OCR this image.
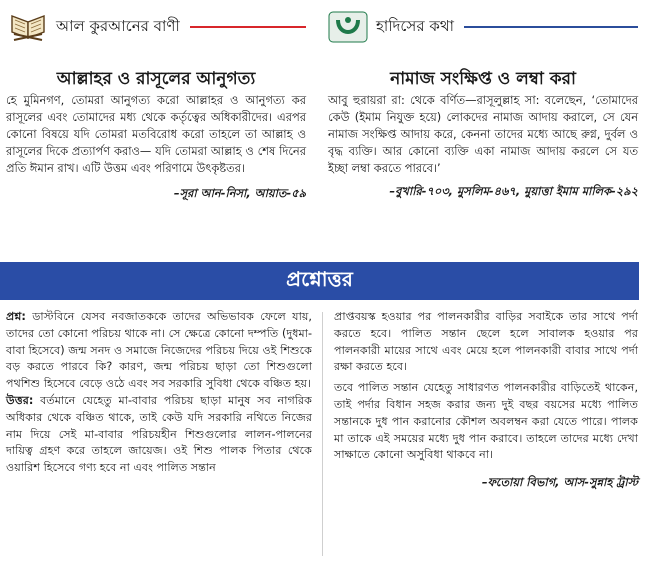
আল কুরআনের বাণী
আল্লাহর ও রাসূলের আনুগত্য

হে মুমিনগণ, তোমরা আনুগত্য করো আল্লাহর ও আনুগত্য কর রাসূলের এবং তোমাদের মধ্য থেকে কর্তৃত্বের অধিকারীদের। এরপর কোনো বিষয়ে যদি তোমরা মতবিরোধ করো তাহলে তা আল্লাহ ও রাসূলের দিকে প্রত্যার্পণ করাও— যদি তোমরা আল্লাহ ও শেষ দিনের প্রতি ঈমান রাখ। এটি উত্তম এবং পরিণামে উৎকৃষ্টতর।

–সূরা আন-নিসা, আয়াত-৫৯
হাদিসের কথা
নামাজ সংক্ষিপ্ত ও লম্বা করা

আবু হুরায়রা রা: থেকে বর্ণিত—রাসূলুল্লাহ সা: বলেছেন, ‘তোমাদের কেউ (ইমাম নিযুক্ত হয়ে) লোকদের নামাজ আদায় করালে, সে যেন নামাজ সংক্ষিপ্ত আদায় করে, কেননা তাদের মধ্যে আছে রুগ্ন, দুর্বল ও বৃদ্ধ ব্যক্তি। আর কোনো ব্যক্তি একা নামাজ আদায় করলে সে যত ইচ্ছা লম্বা করতে পারবে।’

–বুখারি-৭০৩, মুসলিম-৪৬৭, মুয়াত্তা ইমাম মালিক-২৯২
প্রশ্নোত্তর

প্রশ্ন: ডাস্টবিনে যেসব নবজাতককে তাদের অভিভাবক ফেলে যায়, তাদের তো কোনো পরিচয় থাকে না। সে ক্ষেত্রে কোনো দম্পতি (দুধমা-বাবা হিসেবে) জন্ম সনদ ও সমাজে নিজেদের পরিচয় দিয়ে ওই শিশুকে বড় করতে পারবে কি? কারণ, জন্ম পরিচয় ছাড়া তো শিশুগুলো পথশিশু হিসেবে বেড়ে ওঠে এবং সব সরকারি সুবিধা থেকে বঞ্চিত হয়।

উত্তর: বর্তমানে যেহেতু মা-বাবার পরিচয় ছাড়া মানুষ সব নাগরিক অধিকার থেকে বঞ্চিত থাকে, তাই কেউ যদি সরকারি নথিতে নিজের নাম দিয়ে সেই মা-বাবার পরিচয়হীন শিশুগুলোর লালন-পালনের দায়িত্ব গ্রহণ করে তাহলে জায়েজ। ওই শিশু পালক পিতার থেকে ওয়ারিশ হিসেবে গণ্য হবে না এবং পালিত সন্তান

প্রাপ্তবয়স্ক হওয়ার পর পালনকারীর বাড়ির সবাইকে তার সাথে পর্দা করতে হবে। পালিত সন্তান ছেলে হলে সাবালক হওয়ার পর পালনকারী মায়ের সাথে এবং মেয়ে হলে পালনকারী বাবার সাথে পর্দা রক্ষা করতে হবে।

তবে পালিত সন্তান যেহেতু সাধারণত পালনকারীর বাড়িতেই থাকেন, তাই পর্দার বিধান সহজ করার জন্য দুই বছর বয়সের মধ্যে পালিত সন্তানকে দুধ পান করানোর কৌশল অবলম্বন করা যেতে পারে। পালক মা তাকে এই সময়ের মধ্যে দুধ পান করাবে। তাহলে তাদের মধ্যে দেখা সাক্ষাতে কোনো অসুবিধা থাকবে না।

–ফতোয়া বিভাগ, আস-সুন্নাহ ট্রাস্ট
